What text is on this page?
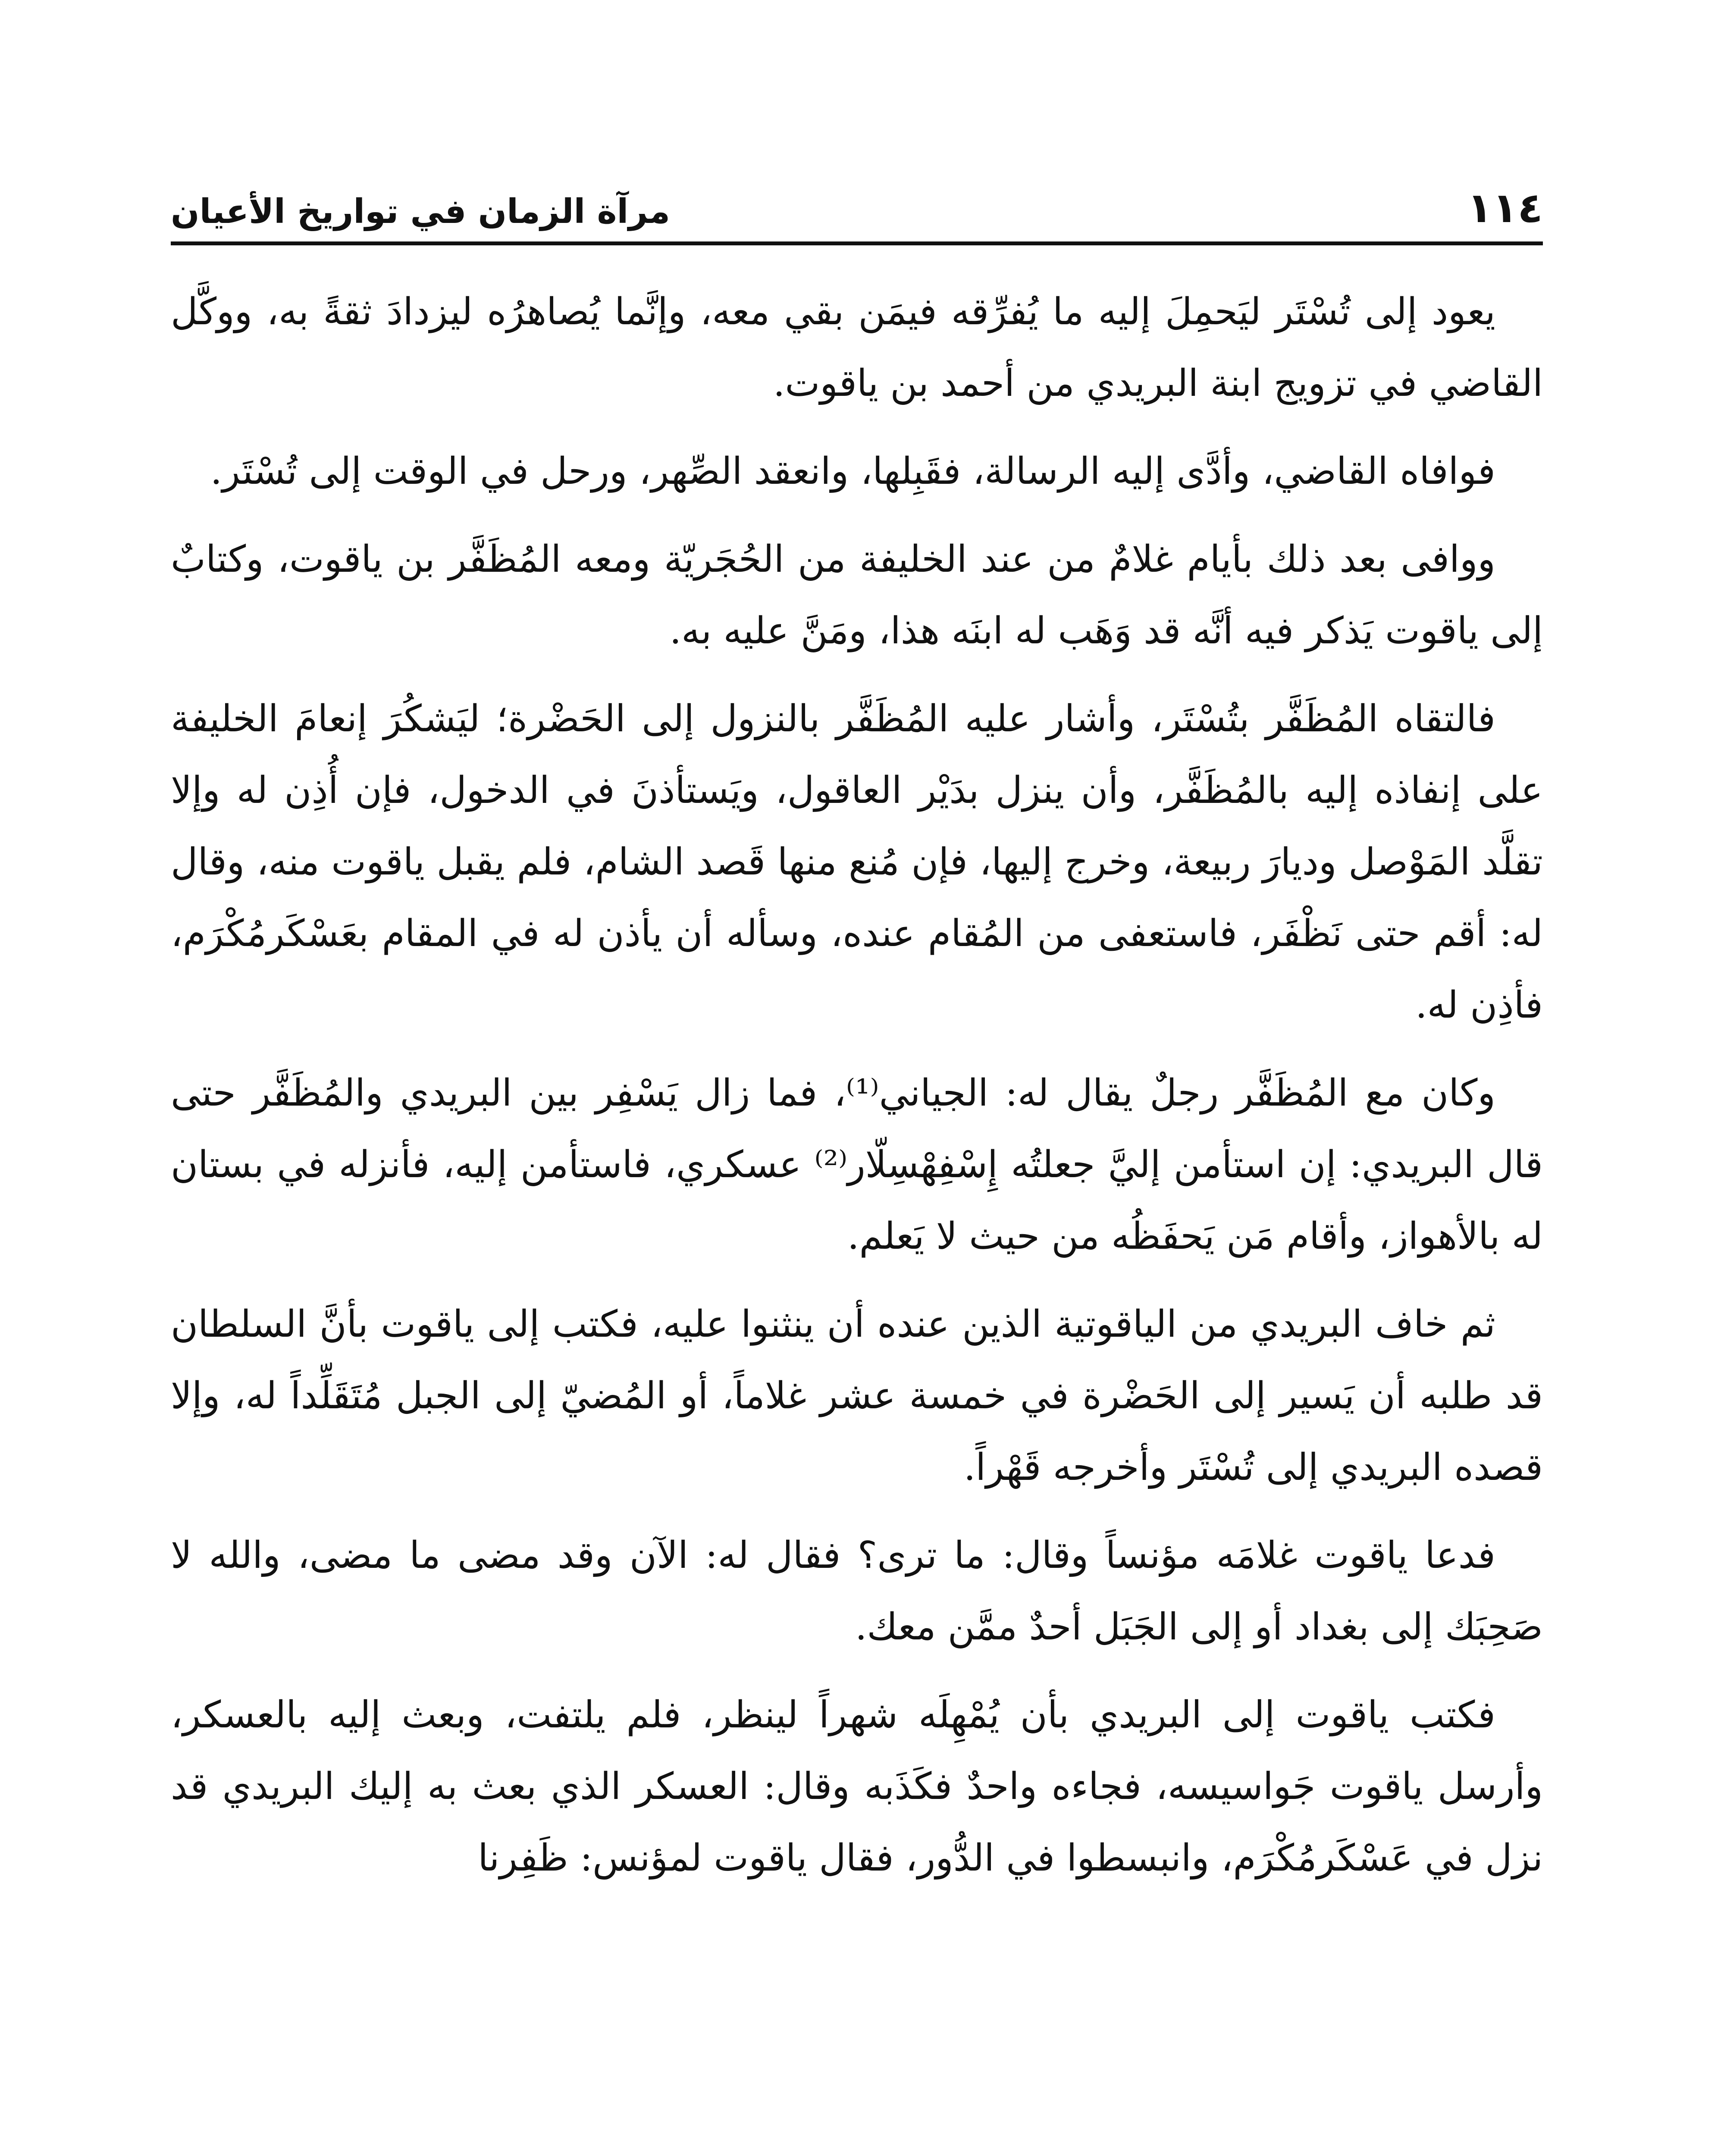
١١٤
مرآة الزمان في تواريخ الأعيان

يعود إلى تُسْتَر ليَحمِلَ إليه ما يُفرِّقه فيمَن بقي معه، وإنَّما يُصاهرُه ليزدادَ ثقةً به، ووكَّل القاضي في تزويج ابنة البريدي من أحمد بن ياقوت.

فوافاه القاضي، وأدَّى إليه الرسالة، فقَبِلها، وانعقد الصِّهر، ورحل في الوقت إلى تُسْتَر.

ووافى بعد ذلك بأيام غلامٌ من عند الخليفة من الحُجَريّة ومعه المُظَفَّر بن ياقوت، وكتابٌ إلى ياقوت يَذكر فيه أنَّه قد وَهَب له ابنَه هذا، ومَنَّ عليه به.

فالتقاه المُظَفَّر بتُسْتَر، وأشار عليه المُظَفَّر بالنزول إلى الحَضْرة؛ ليَشكُرَ إنعامَ الخليفة على إنفاذه إليه بالمُظَفَّر، وأن ينزل بدَيْر العاقول، ويَستأذنَ في الدخول، فإن أُذِن له وإلا تقلَّد المَوْصل وديارَ ربيعة، وخرج إليها، فإن مُنع منها قَصد الشام، فلم يقبل ياقوت منه، وقال له: أقم حتى نَظْفَر، فاستعفى من المُقام عنده، وسأله أن يأذن له في المقام بعَسْكَرمُكْرَم، فأذِن له.

وكان مع المُظَفَّر رجلٌ يقال له: الجياني⁽¹⁾، فما زال يَسْفِر بين البريدي والمُظَفَّر حتى قال البريدي: إن استأمن إليَّ جعلتُه إِسْفِهْسِلّار⁽²⁾ عسكري، فاستأمن إليه، فأنزله في بستان له بالأهواز، وأقام مَن يَحفَظُه من حيث لا يَعلم.

ثم خاف البريدي من الياقوتية الذين عنده أن ينثنوا عليه، فكتب إلى ياقوت بأنَّ السلطان قد طلبه أن يَسير إلى الحَضْرة في خمسة عشر غلاماً، أو المُضيّ إلى الجبل مُتَقَلِّداً له، وإلا قصده البريدي إلى تُسْتَر وأخرجه قَهْراً.

فدعا ياقوت غلامَه مؤنساً وقال: ما ترى؟ فقال له: الآن وقد مضى ما مضى، والله لا صَحِبَك إلى بغداد أو إلى الجَبَل أحدٌ ممَّن معك.

فكتب ياقوت إلى البريدي بأن يُمْهِلَه شهراً لينظر، فلم يلتفت، وبعث إليه بالعسكر، وأرسل ياقوت جَواسيسه، فجاءه واحدٌ فكَذَبه وقال: العسكر الذي بعث به إليك البريدي قد نزل في عَسْكَرمُكْرَم، وانبسطوا في الدُّور، فقال ياقوت لمؤنس: ظَفِرنا
